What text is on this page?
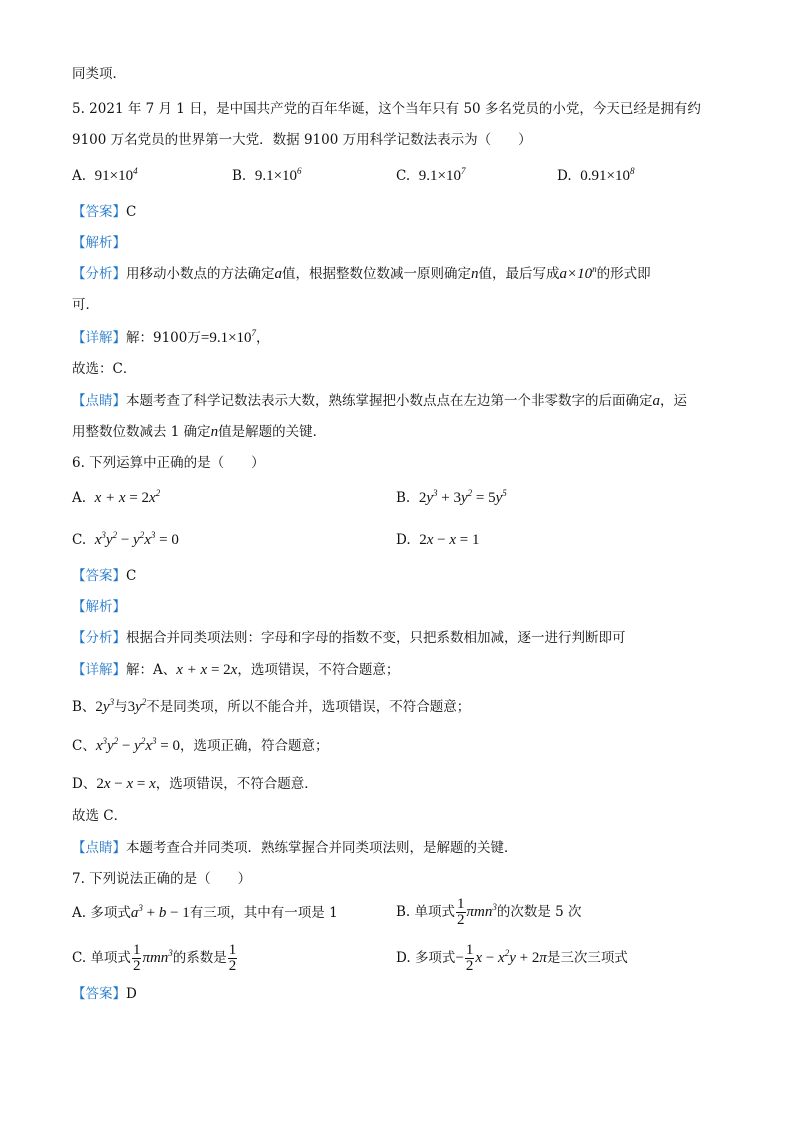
同类项．
5. 2021 年 7 月 1 日，是中国共产党的百年华诞，这个当年只有 50 多名党员的小党，今天已经是拥有约
9100 万名党员的世界第一大党．数据 9100 万用科学记数法表示为（　　）
A. $91\times 10^4$	B. $9.1\times 10^6$	C. $9.1\times 10^7$	D. $0.91\times 10^8$
【答案】C
【解析】
【分析】用移动小数点的方法确定a值，根据整数位数减一原则确定n值，最后写成$a\times 10^n$的形式即
可．
【详解】解：9100万$=9.1\times 10^7$，
故选：C．
【点睛】本题考查了科学记数法表示大数，熟练掌握把小数点点在左边第一个非零数字的后面确定a，运
用整数位数减去 1 确定n值是解题的关键．
6. 下列运算中正确的是（　　）
A. $x + x = 2x^2$	B. $2y^3 + 3y^2 = 5y^5$
C. $x^3y^2 - y^2x^3 = 0$	D. 2x − x = 1
【答案】C
【解析】
【分析】根据合并同类项法则：字母和字母的指数不变，只把系数相加减，逐一进行判断即可
【详解】解：A、x + x = 2x，选项错误，不符合题意；
B、$2y^3$与$3y^2$不是同类项，所以不能合并，选项错误，不符合题意；
C、$x^3y^2 - y^2x^3 = 0$，选项正确，符合题意；
D、2x − x = x，选项错误，不符合题意．
故选 C．
【点睛】本题考查合并同类项．熟练掌握合并同类项法则，是解题的关键．
7. 下列说法正确的是（　　）
A. 多项式$a^3 + b - 1$有三项，其中有一项是 1	B. 单项式 $\frac{1}{2} \pi mn^3$的次数是 5 次
C. 单项式 $\frac{1}{2} \pi mn^3$的系数是 $\frac{1}{2}$	D. 多项式− $\frac{1}{2}$ $x - x^2y + 2\pi$是三次三项式
【答案】D
